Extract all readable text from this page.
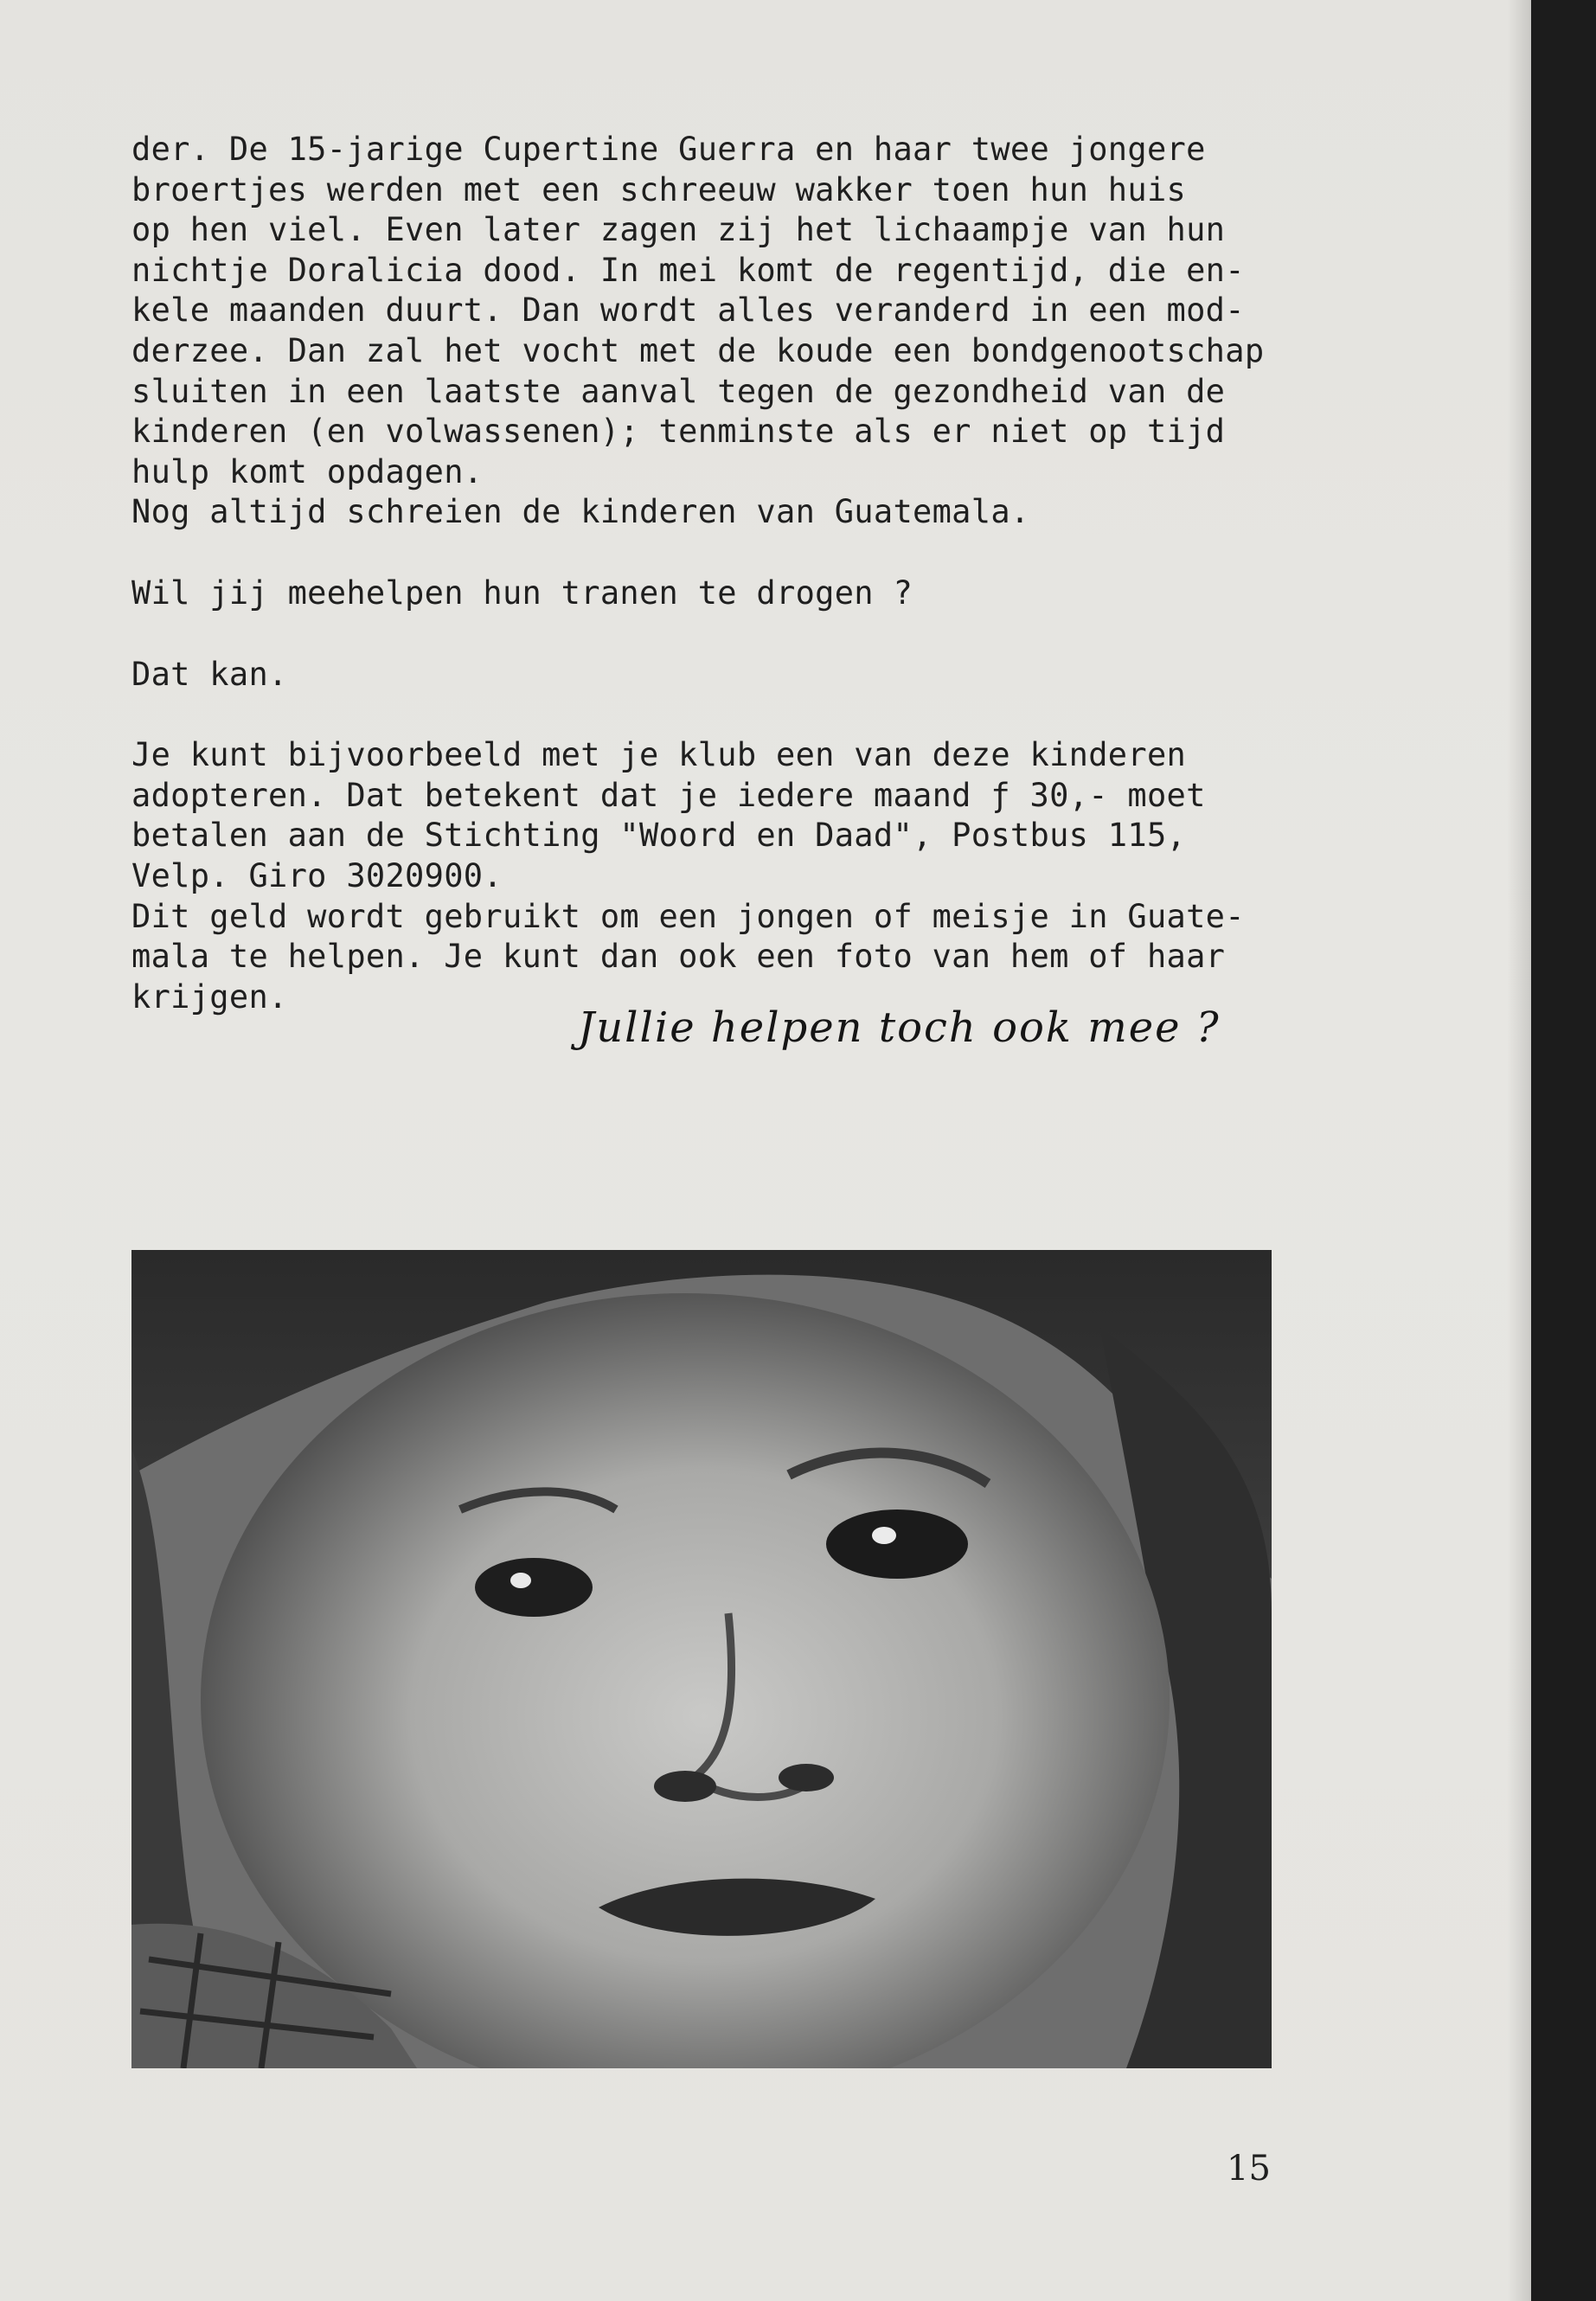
der. De 15-jarige Cupertine Guerra en haar twee jongere
broertjes werden met een schreeuw wakker toen hun huis
op hen viel. Even later zagen zij het lichaampje van hun
nichtje Doralicia dood. In mei komt de regentijd, die en-
kele maanden duurt. Dan wordt alles veranderd in een mod-
derzee. Dan zal het vocht met de koude een bondgenootschap
sluiten in een laatste aanval tegen de gezondheid van de
kinderen (en volwassenen); tenminste als er niet op tijd
hulp komt opdagen.
Nog altijd schreien de kinderen van Guatemala.
Wil jij meehelpen hun tranen te drogen ?
Dat kan.
Je kunt bijvoorbeeld met je klub een van deze kinderen
adopteren. Dat betekent dat je iedere maand ƒ 30,- moet
betalen aan de Stichting "Woord en Daad", Postbus 115,
Velp. Giro 3020900.
Dit geld wordt gebruikt om een jongen of meisje in Guate-
mala te helpen. Je kunt dan ook een foto van hem of haar
krijgen.
Jullie helpen toch ook mee ?
15
